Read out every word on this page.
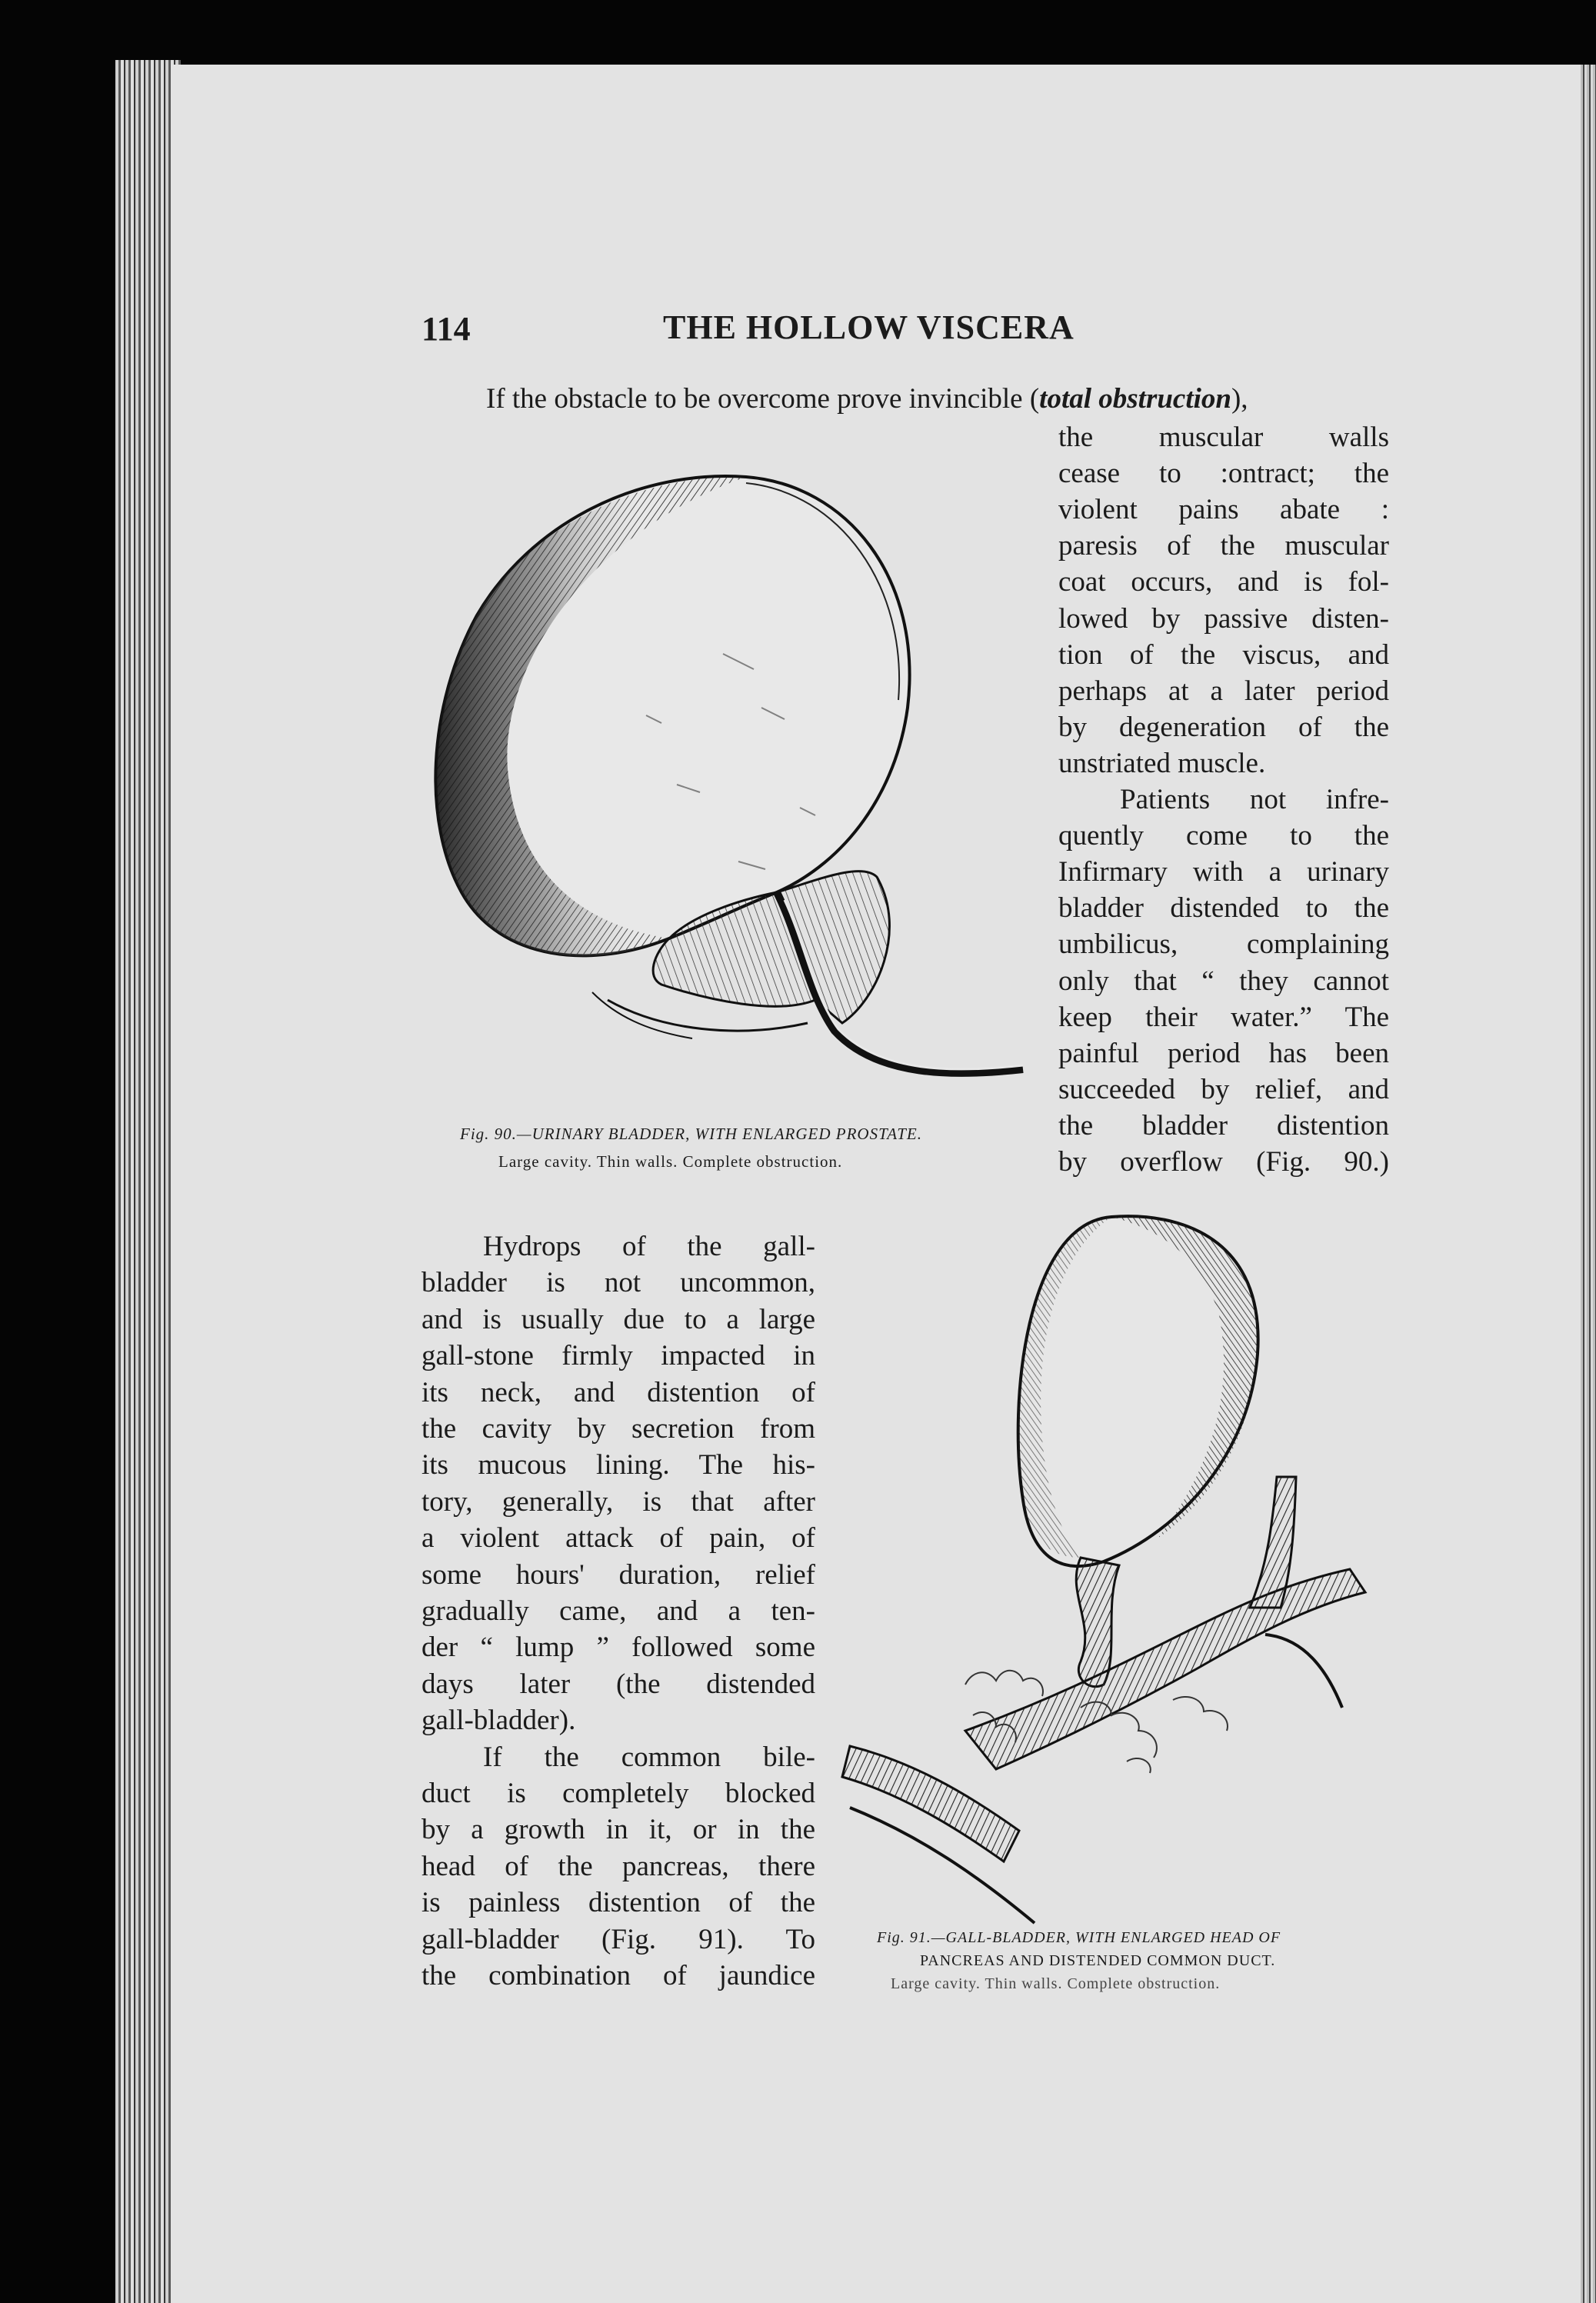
114	THE HOLLOW VISCERA
If the obstacle to be overcome prove invincible (total obstruction),
the muscular walls
cease to :ontract; the
violent pains abate :
paresis of the muscular
coat occurs, and is fol-
lowed by passive disten-
tion of the viscus, and
perhaps at a later period
by degeneration of the
unstriated muscle.
Patients not infre-
quently come to the
Infirmary with a urinary
bladder distended to the
umbilicus, complaining
only that “ they cannot
keep their water.” The
painful period has been
succeeded by relief, and
the bladder distention
by overflow (Fig. 90.)
Fig. 90.—URINARY BLADDER, WITH ENLARGED PROSTATE.
Large cavity. Thin walls. Complete obstruction.
Hydrops of the gall-
bladder is not uncommon,
and is usually due to a large
gall-stone firmly impacted in
its neck, and distention of
the cavity by secretion from
its mucous lining. The his-
tory, generally, is that after
a violent attack of pain, of
some hours' duration, relief
gradually came, and a ten-
der “ lump ” followed some
days later (the distended
gall-bladder).
If the common bile-
duct is completely blocked
by a growth in it, or in the
head of the pancreas, there
is painless distention of the
gall-bladder (Fig. 91). To
the combination of jaundice
Fig. 91.—GALL-BLADDER, WITH ENLARGED HEAD OF
PANCREAS AND DISTENDED COMMON DUCT.
Large cavity. Thin walls. Complete obstruction.
